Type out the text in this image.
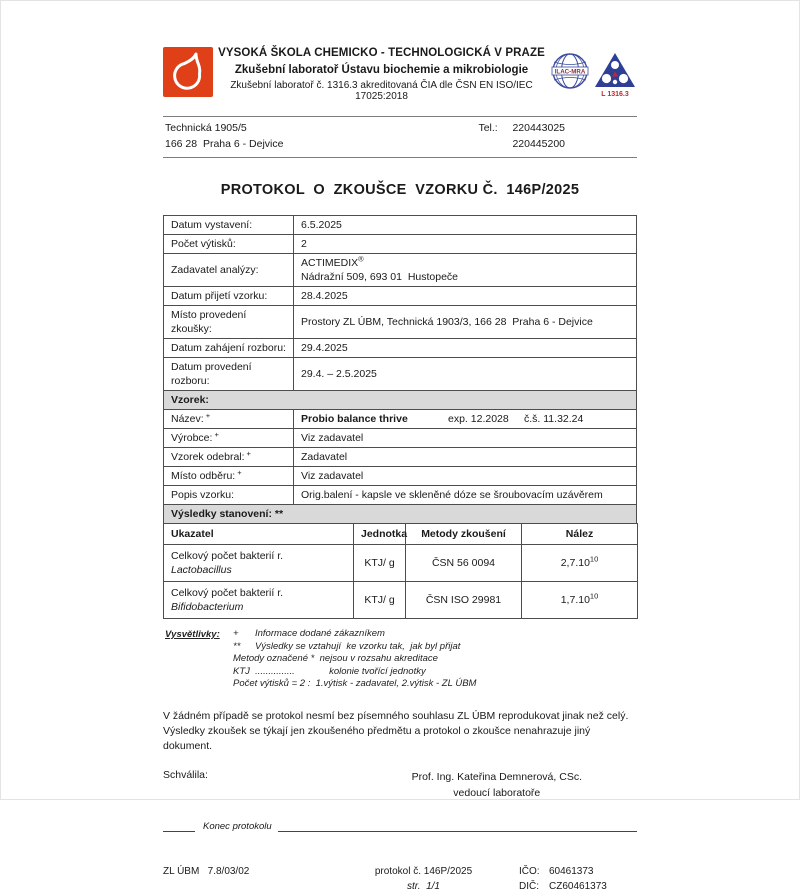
VYSOKÁ ŠKOLA CHEMICKO - TECHNOLOGICKÁ V PRAZE
Zkušební laboratoř Ústavu biochemie a mikrobiologie
Zkušební laboratoř č. 1316.3 akreditovaná ČIA dle ČSN EN ISO/IEC 17025:2018
ILAC-MRA
L 1316.3
Technická 1905/5
166 28  Praha 6 - Dejvice
Tel.:	220443025
220445200
PROTOKOL  O  ZKOUŠCE  VZORKU Č.  146P/2025
Datum vystavení:	6.5.2025
Počet výtisků:	2
Zadavatel analýzy:	ACTIMEDIX®
Nádražní 509, 693 01  Hustopeče

Datum přijetí vzorku:	28.4.2025
Místo provedení zkoušky:	Prostory ZL ÚBM, Technická 1903/3, 166 28  Praha 6 - Dejvice
Datum zahájení rozboru:	29.4.2025
Datum provedení rozboru:	29.4. – 2.5.2025
Vzorek:	
Název: +	Probio balance thrive exp. 12.2028 č.š. 11.32.24

Výrobce: +	Viz zadavatel
Vzorek odebral: +	Zadavatel
Místo odběru: +	Viz zadavatel
Popis vzorku:	Orig.balení - kapsle ve skleněné dóze se šroubovacím uzávěrem
Výsledky stanovení: **	
Ukazatel	Jednotka	Metody zkoušení	Nález
Celkový počet bakterií r. Lactobacillus	KTJ/ g	ČSN 56 0094	2,7.10$^{10}$
Celkový počet bakterií r. Bifidobacterium	KTJ/ g	ČSN ISO 29981	1,7.10$^{10}$
Vysvětlivky: + Informace dodané zákazníkem
** Výsledky se vztahují  ke vzorku tak,  jak byl přijat
Metody označené *  nejsou v rozsahu akreditace
KTJ  ...............             kolonie tvořící jednotky
Počet výtisků = 2 :  1.výtisk - zadavatel, 2.výtisk - ZL ÚBM

V žádném případě se protokol nesmí bez písemného souhlasu ZL ÚBM reprodukovat jinak než celý. Výsledky zkoušek se týkají jen zkoušeného předmětu a protokol o zkoušce nenahrazuje jiný dokument.

Schválila:	Prof. Ing. Kateřina Demnerová, CSc.
vedoucí laboratoře
Konec protokolu
ZL ÚBM   7.8/03/02	protokol č. 146P/2025
str. 1/1
IČO: 60461373
DIČ:	CZ60461373
